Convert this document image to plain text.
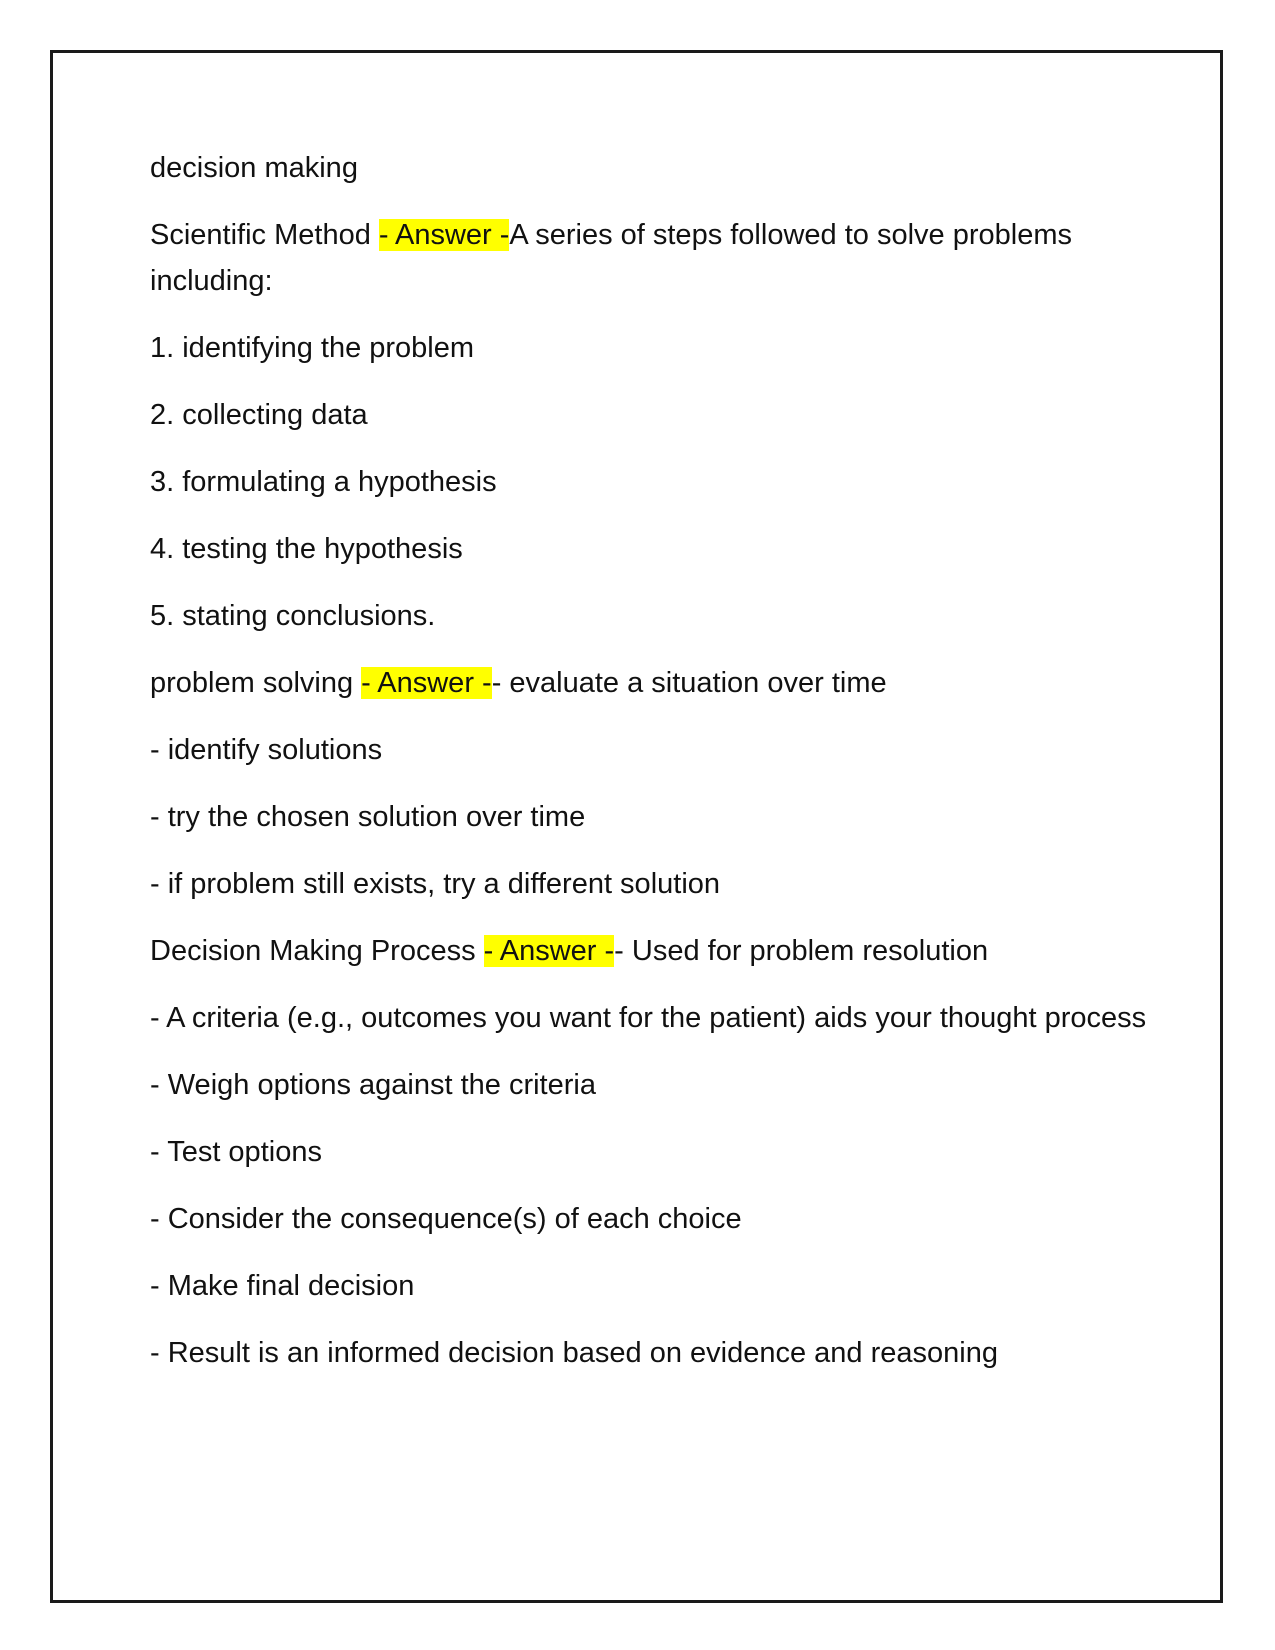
decision making

Scientific Method - Answer -A series of steps followed to solve problems including:

1. identifying the problem

2. collecting data

3. formulating a hypothesis

4. testing the hypothesis

5. stating conclusions.

problem solving - Answer -- evaluate a situation over time

- identify solutions

- try the chosen solution over time

- if problem still exists, try a different solution

Decision Making Process - Answer -- Used for problem resolution

- A criteria (e.g., outcomes you want for the patient) aids your thought process

- Weigh options against the criteria

- Test options

- Consider the consequence(s) of each choice

- Make final decision

- Result is an informed decision based on evidence and reasoning
